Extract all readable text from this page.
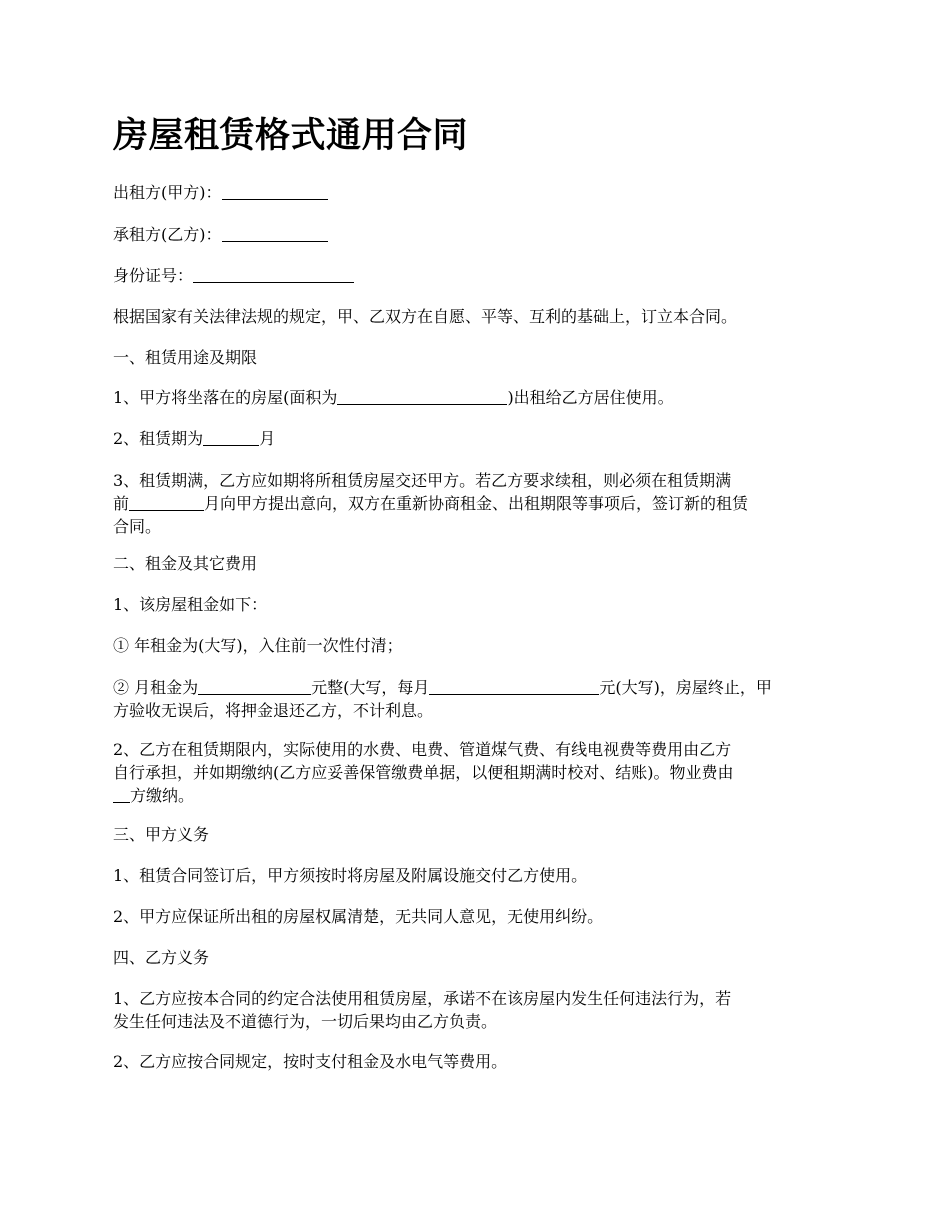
房屋租赁格式通用合同

出租方(甲方)：

承租方(乙方)：

身份证号：

根据国家有关法律法规的规定，甲、乙双方在自愿、平等、互利的基础上，订立本合同。

一、租赁用途及期限

1、甲方将坐落在的房屋(面积为	)出租给乙方居住使用。

2、租赁期为	月

3、租赁期满，乙方应如期将所租赁房屋交还甲方。若乙方要求续租，则必须在租赁期满
前	月向甲方提出意向，双方在重新协商租金、出租期限等事项后，签订新的租赁
合同。

二、租金及其它费用

1、该房屋租金如下：

① 年租金为(大写)，入住前一次性付清；

② 月租金为	元整(大写，每月	元(大写)，房屋终止，甲
方验收无误后，将押金退还乙方，不计利息。

2、乙方在租赁期限内，实际使用的水费、电费、管道煤气费、有线电视费等费用由乙方
自行承担，并如期缴纳(乙方应妥善保管缴费单据，以便租期满时校对、结账)。物业费由
方缴纳。

三、甲方义务

1、租赁合同签订后，甲方须按时将房屋及附属设施交付乙方使用。

2、甲方应保证所出租的房屋权属清楚，无共同人意见，无使用纠纷。

四、乙方义务

1、乙方应按本合同的约定合法使用租赁房屋，承诺不在该房屋内发生任何违法行为，若
发生任何违法及不道德行为，一切后果均由乙方负责。

2、乙方应按合同规定，按时支付租金及水电气等费用。
